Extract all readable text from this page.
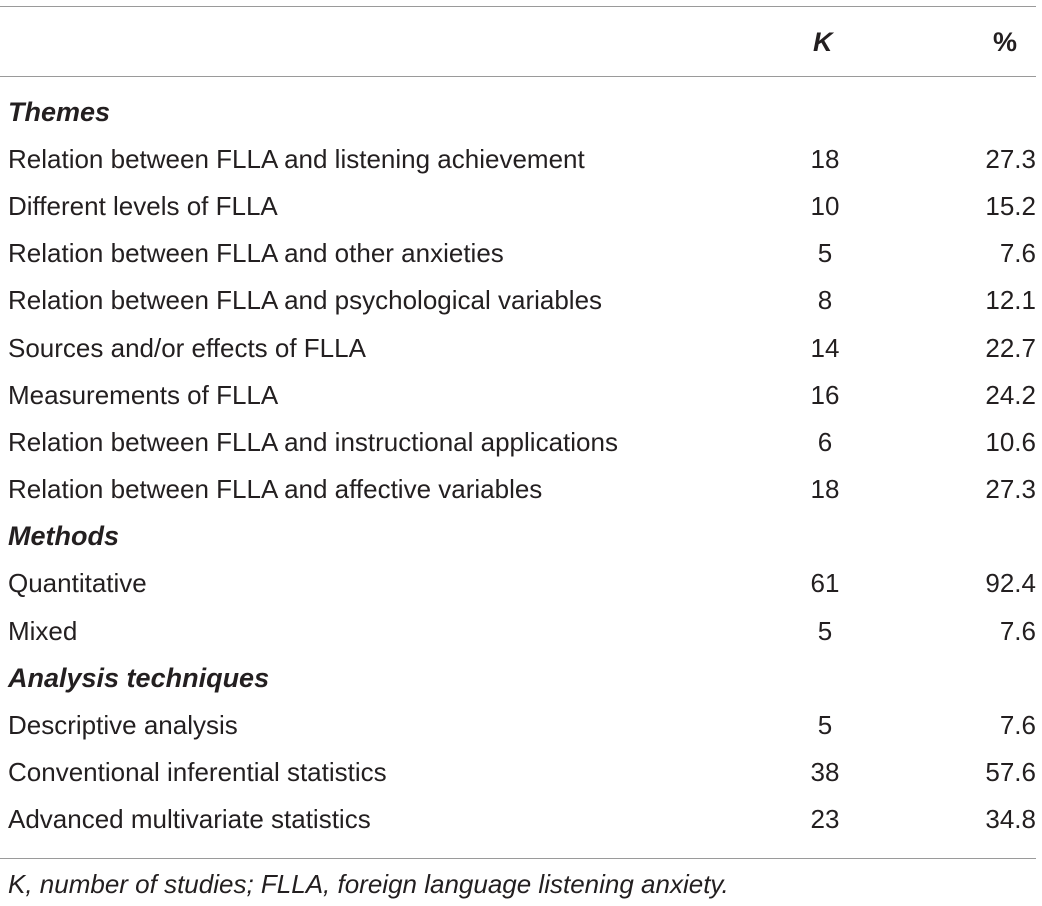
K	%
Themes
Relation between FLLA and listening achievement	18	27.3
Different levels of FLLA	10	15.2
Relation between FLLA and other anxieties	5	7.6
Relation between FLLA and psychological variables	8	12.1
Sources and/or effects of FLLA	14	22.7
Measurements of FLLA	16	24.2
Relation between FLLA and instructional applications	6	10.6
Relation between FLLA and affective variables	18	27.3
Methods
Quantitative	61	92.4
Mixed	5	7.6
Analysis techniques
Descriptive analysis	5	7.6
Conventional inferential statistics	38	57.6
Advanced multivariate statistics	23	34.8
K, number of studies; FLLA, foreign language listening anxiety.
